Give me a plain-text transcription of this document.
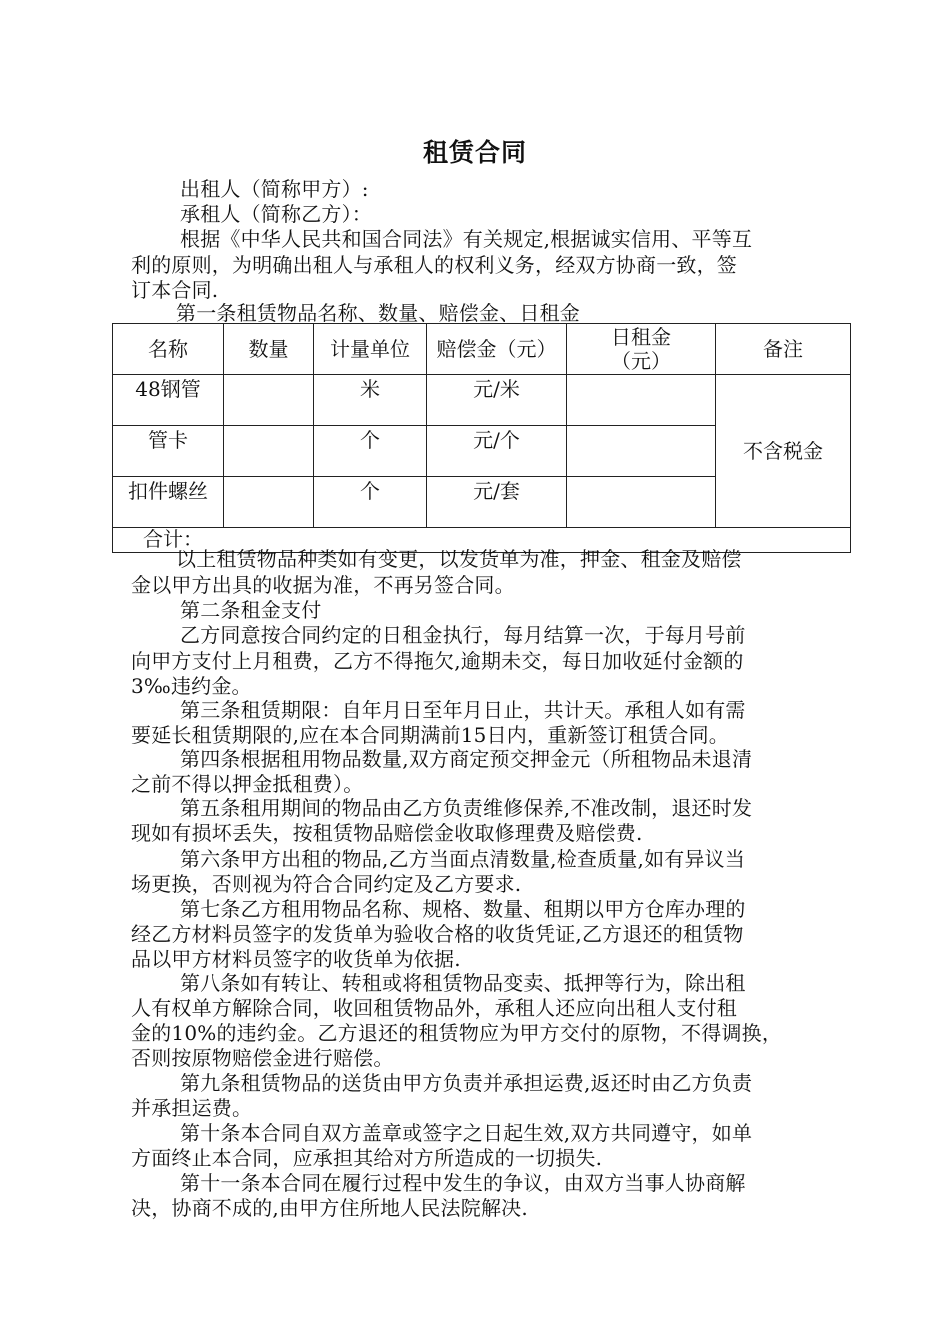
租赁合同
出租人（简称甲方）:
承租人（简称乙方）：
根据《中华人民共和国合同法》有关规定,根据诚实信用、平等互
利的原则，为明确出租人与承租人的权利义务，经双方协商一致，签
订本合同.
第一条租赁物品名称、数量、赔偿金、日租金
名称	数量	计量单位	赔偿金（元）	日租金
（元）	备注
48钢管		米	元/米		不含税金
管卡		个	元/个		
扣件螺丝		个	元/套		
合计：					
以上租赁物品种类如有变更，以发货单为准，押金、租金及赔偿
金以甲方出具的收据为准，不再另签合同。
第二条租金支付
乙方同意按合同约定的日租金执行，每月结算一次，于每月号前
向甲方支付上月租费，乙方不得拖欠,逾期未交，每日加收延付金额的
3‰违约金。
第三条租赁期限：自年月日至年月日止，共计天。承租人如有需
要延长租赁期限的,应在本合同期满前15日内，重新签订租赁合同。
第四条根据租用物品数量,双方商定预交押金元（所租物品未退清
之前不得以押金抵租费）。
第五条租用期间的物品由乙方负责维修保养,不准改制，退还时发
现如有损坏丢失，按租赁物品赔偿金收取修理费及赔偿费.
第六条甲方出租的物品,乙方当面点清数量,检查质量,如有异议当
场更换，否则视为符合合同约定及乙方要求.
第七条乙方租用物品名称、规格、数量、租期以甲方仓库办理的
经乙方材料员签字的发货单为验收合格的收货凭证,乙方退还的租赁物
品以甲方材料员签字的收货单为依据.
第八条如有转让、转租或将租赁物品变卖、抵押等行为，除出租
人有权单方解除合同，收回租赁物品外，承租人还应向出租人支付租
金的10%的违约金。乙方退还的租赁物应为甲方交付的原物，不得调换，
否则按原物赔偿金进行赔偿。
第九条租赁物品的送货由甲方负责并承担运费,返还时由乙方负责
并承担运费。
第十条本合同自双方盖章或签字之日起生效,双方共同遵守，如单
方面终止本合同，应承担其给对方所造成的一切损失.
第十一条本合同在履行过程中发生的争议，由双方当事人协商解
决，协商不成的,由甲方住所地人民法院解决.
